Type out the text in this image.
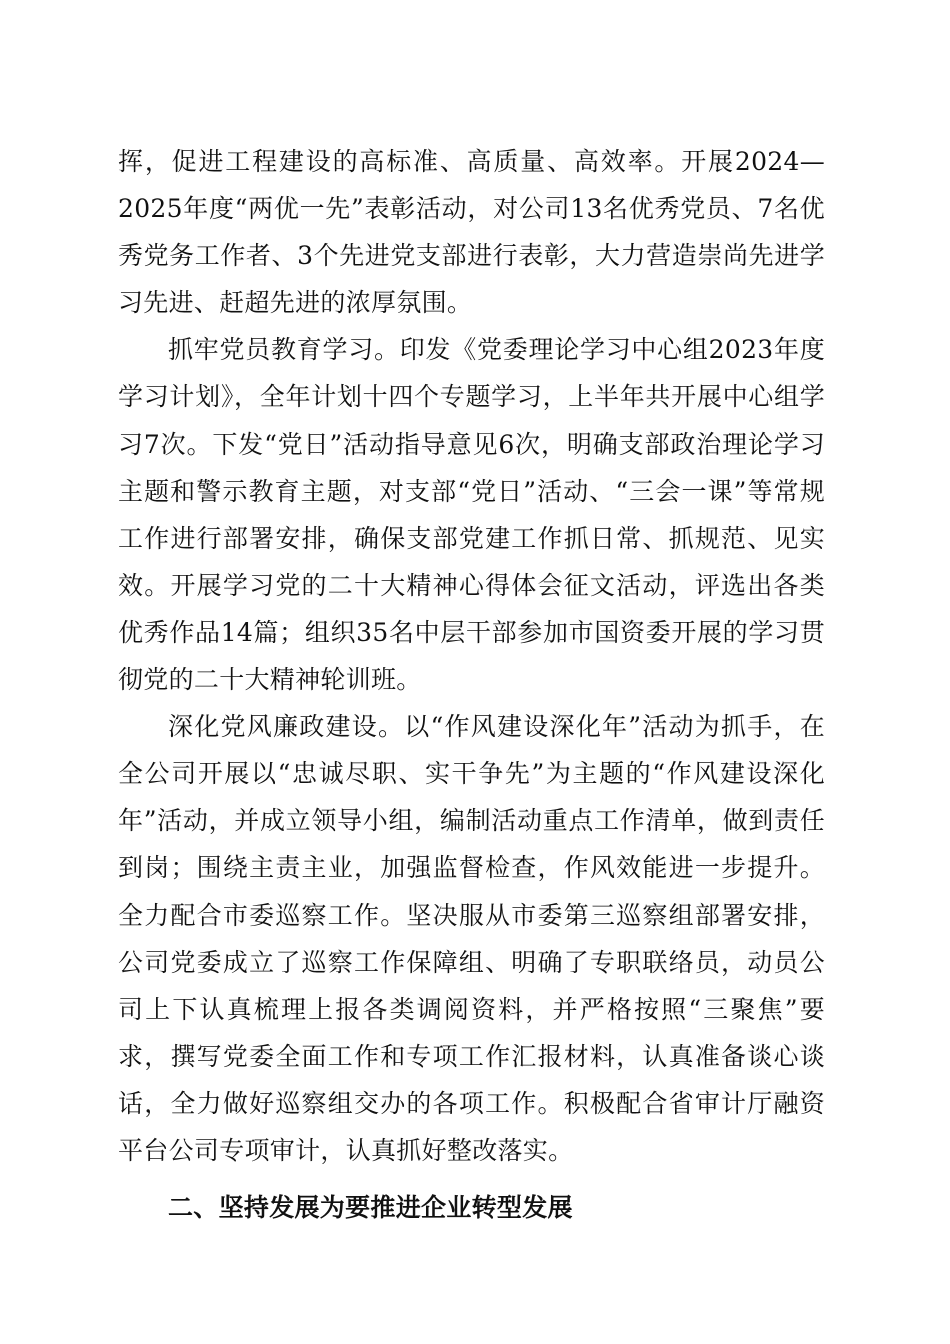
挥，促进工程建设的高标准、高质量、高效率。开展2024—2025年度“两优一先”表彰活动，对公司13名优秀党员、7名优秀党务工作者、3个先进党支部进行表彰，大力营造崇尚先进学习先进、赶超先进的浓厚氛围。

抓牢党员教育学习。印发《党委理论学习中心组2023年度学习计划》，全年计划十四个专题学习，上半年共开展中心组学习7次。下发“党日”活动指导意见6次，明确支部政治理论学习主题和警示教育主题，对支部“党日”活动、“三会一课”等常规工作进行部署安排，确保支部党建工作抓日常、抓规范、见实效。开展学习党的二十大精神心得体会征文活动，评选出各类优秀作品14篇；组织35名中层干部参加市国资委开展的学习贯彻党的二十大精神轮训班。

深化党风廉政建设。以“作风建设深化年”活动为抓手，在全公司开展以“忠诚尽职、实干争先”为主题的“作风建设深化年”活动，并成立领导小组，编制活动重点工作清单，做到责任到岗；围绕主责主业，加强监督检查，作风效能进一步提升。全力配合市委巡察工作。坚决服从市委第三巡察组部署安排，公司党委成立了巡察工作保障组、明确了专职联络员，动员公司上下认真梳理上报各类调阅资料，并严格按照“三聚焦”要求，撰写党委全面工作和专项工作汇报材料，认真准备谈心谈话，全力做好巡察组交办的各项工作。积极配合省审计厅融资平台公司专项审计，认真抓好整改落实。

二、坚持发展为要推进企业转型发展
